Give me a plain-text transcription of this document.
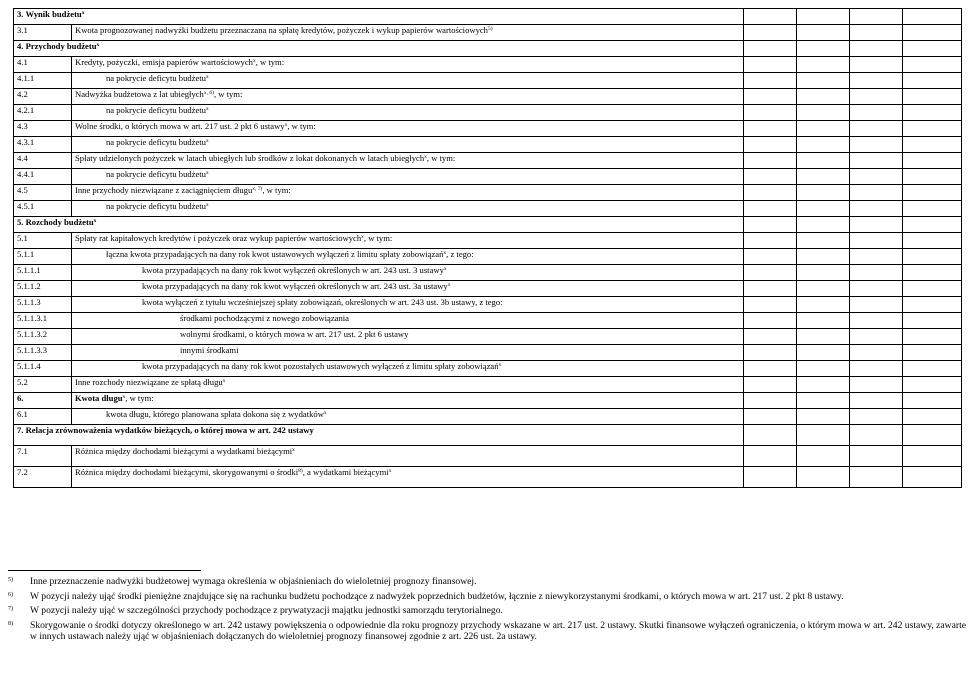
3. Wynik budżetu$^x$				
3.1	Kwota prognozowanej nadwyżki budżetu przeznaczana na spłatę kredytów, pożyczek i wykup papierów wartościowych$^{5)}$				
4. Przychody budżetu$^x$				
4.1	Kredyty, pożyczki, emisja papierów wartościowych$^x$, w tym:				
4.1.1	na pokrycie deficytu budżetu$^x$				
4.2	Nadwyżka budżetowa z lat ubiegłych$^{x, 6)}$, w tym:				
4.2.1	na pokrycie deficytu budżetu$^x$				
4.3	Wolne środki, o których mowa w art. 217 ust. 2 pkt 6 ustawy$^x$, w tym:				
4.3.1	na pokrycie deficytu budżetu$^x$				
4.4	Spłaty udzielonych pożyczek w latach ubiegłych lub środków z lokat dokonanych w latach ubiegłych$^x$, w tym:				
4.4.1	na pokrycie deficytu budżetu$^x$				
4.5	Inne przychody niezwiązane z zaciągnięciem długu$^{x, 7)}$, w tym:				
4.5.1	na pokrycie deficytu budżetu$^x$				
5. Rozchody budżetu$^x$				
5.1	Spłaty rat kapitałowych kredytów i pożyczek oraz wykup papierów wartościowych$^x$, w tym:				
5.1.1	łączna kwota przypadających na dany rok kwot ustawowych wyłączeń z limitu spłaty zobowiązań$^x$, z tego:				
5.1.1.1	kwota przypadających na dany rok kwot wyłączeń określonych w art. 243 ust. 3 ustawy$^x$				
5.1.1.2	kwota przypadających na dany rok kwot wyłączeń określonych w art. 243 ust. 3a ustawy$^x$				
5.1.1.3	kwota wyłączeń z tytułu wcześniejszej spłaty zobowiązań, określonych w art. 243 ust. 3b ustawy, z tego:				
5.1.1.3.1	środkami pochodzącymi z nowego zobowiązania				
5.1.1.3.2	wolnymi środkami, o których mowa w art. 217 ust. 2 pkt 6 ustawy				
5.1.1.3.3	innymi środkami				
5.1.1.4	kwota przypadających na dany rok kwot pozostałych ustawowych wyłączeń z limitu spłaty zobowiązań$^x$				
5.2	Inne rozchody niezwiązane ze spłatą długu$^x$				
6.	Kwota długu$^x$, w tym:				
6.1	kwota długu, którego planowana spłata dokona się z wydatków$^x$				
7. Relacja zrównoważenia wydatków bieżących, o której mowa w art. 242 ustawy					
7.1	Różnica między dochodami bieżącymi a wydatkami bieżącymi$^x$				
7.2	Różnica między dochodami bieżącymi, skorygowanymi o środki$^{8)}$, a wydatkami bieżącymi$^x$				
5)	Inne przeznaczenie nadwyżki budżetowej wymaga określenia w objaśnieniach do wieloletniej prognozy finansowej.
6)	W pozycji należy ująć środki pieniężne znajdujące się na rachunku budżetu pochodzące z nadwyżek poprzednich budżetów, łącznie z niewykorzystanymi środkami, o których mowa w art. 217 ust. 2 pkt 8 ustawy.
7)	W pozycji należy ująć w szczególności przychody pochodzące z prywatyzacji majątku jednostki samorządu terytorialnego.
8)	Skorygowanie o środki dotyczy określonego w art. 242 ustawy powiększenia o odpowiednie dla roku prognozy przychody wskazane w art. 217 ust. 2 ustawy. Skutki finansowe wyłączeń ograniczenia, o którym mowa w art. 242 ustawy, zawarte w innych ustawach należy ująć w objaśnieniach dołączanych do wieloletniej prognozy finansowej zgodnie z art. 226 ust. 2a ustawy.
